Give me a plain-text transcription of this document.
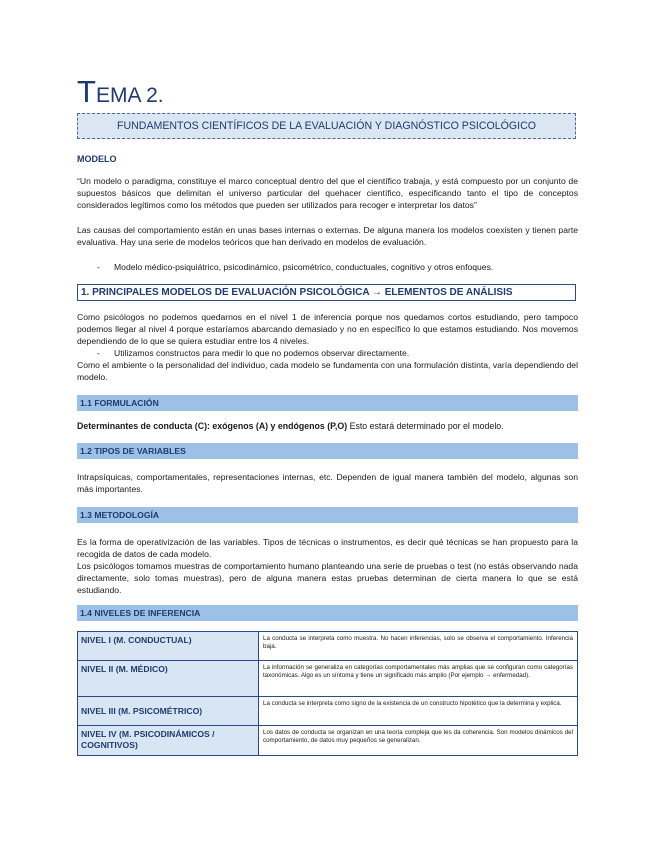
TEMA 2.
FUNDAMENTOS CIENTÍFICOS DE LA EVALUACIÓN Y DIAGNÓSTICO PSICOLÓGICO
MODELO

“Un modelo o paradigma, constituye el marco conceptual dentro del que el científico trabaja, y está compuesto por un conjunto de supuestos básicos que delimitan el universo particular del quehacer científico, especificando tanto el tipo de conceptos considerados legítimos como los métodos que pueden ser utilizados para recoger e interpretar los datos”

Las causas del comportamiento están en unas bases internas o externas. De alguna manera los modelos coexisten y tienen parte evaluativa. Hay una serie de modelos teóricos que han derivado en modelos de evaluación.

- Modelo médico-psiquiátrico, psicodinámico, psicométrico, conductuales, cognitivo y otros enfoques.
1. PRINCIPALES MODELOS DE EVALUACIÓN PSICOLÓGICA → ELEMENTOS DE ANÁLISIS

Como psicólogos no podemos quedarnos en el nivel 1 de inferencia porque nos quedamos cortos estudiando, pero tampoco podemos llegar al nivel 4 porque estaríamos abarcando demasiado y no en específico lo que estamos estudiando. Nos movemos dependiendo de lo que se quiera estudiar entre los 4 niveles.

- Utilizamos constructos para medir lo que no podemos observar directamente.

Como el ambiente o la personalidad del individuo, cada modelo se fundamenta con una formulación distinta, varía dependiendo del modelo.

1.1 FORMULACIÓN

Determinantes de conducta (C): exógenos (A) y endógenos (P,O) Esto estará determinado por el modelo.

1.2 TIPOS DE VARIABLES

Intrapsíquicas, comportamentales, representaciones internas, etc. Dependen de igual manera también del modelo, algunas son más importantes.

1.3 METODOLOGÍA

Es la forma de operativización de las variables. Tipos de técnicas o instrumentos, es decir qué técnicas se han propuesto para la recogida de datos de cada modelo.

Los psicólogos tomamos muestras de comportamiento humano planteando una serie de pruebas o test (no estás observando nada directamente, solo tomas muestras), pero de alguna manera estas pruebas determinan de cierta manera lo que se está estudiando.

1.4 NIVELES DE INFERENCIA
NIVEL I (M. CONDUCTUAL)	La conducta se interpreta como muestra. No hacen inferencias, solo se observa el comportamiento. Inferencia baja.
NIVEL II (M. MÉDICO)	La información se generaliza en categorías comportamentales más amplias que se configuran como categorías taxonómicas. Algo es un síntoma y tiene un significado más amplio (Por ejemplo → enfermedad).
NIVEL III (M. PSICOMÉTRICO)	La conducta se interpreta como signo de la existencia de un constructo hipotético que la determina y explica.
NIVEL IV (M. PSICODINÁMICOS / COGNITIVOS)	Los datos de conducta se organizan en una teoría compleja que les da coherencia. Son modelos dinámicos del comportamiento, de datos muy pequeños se generalizan.
